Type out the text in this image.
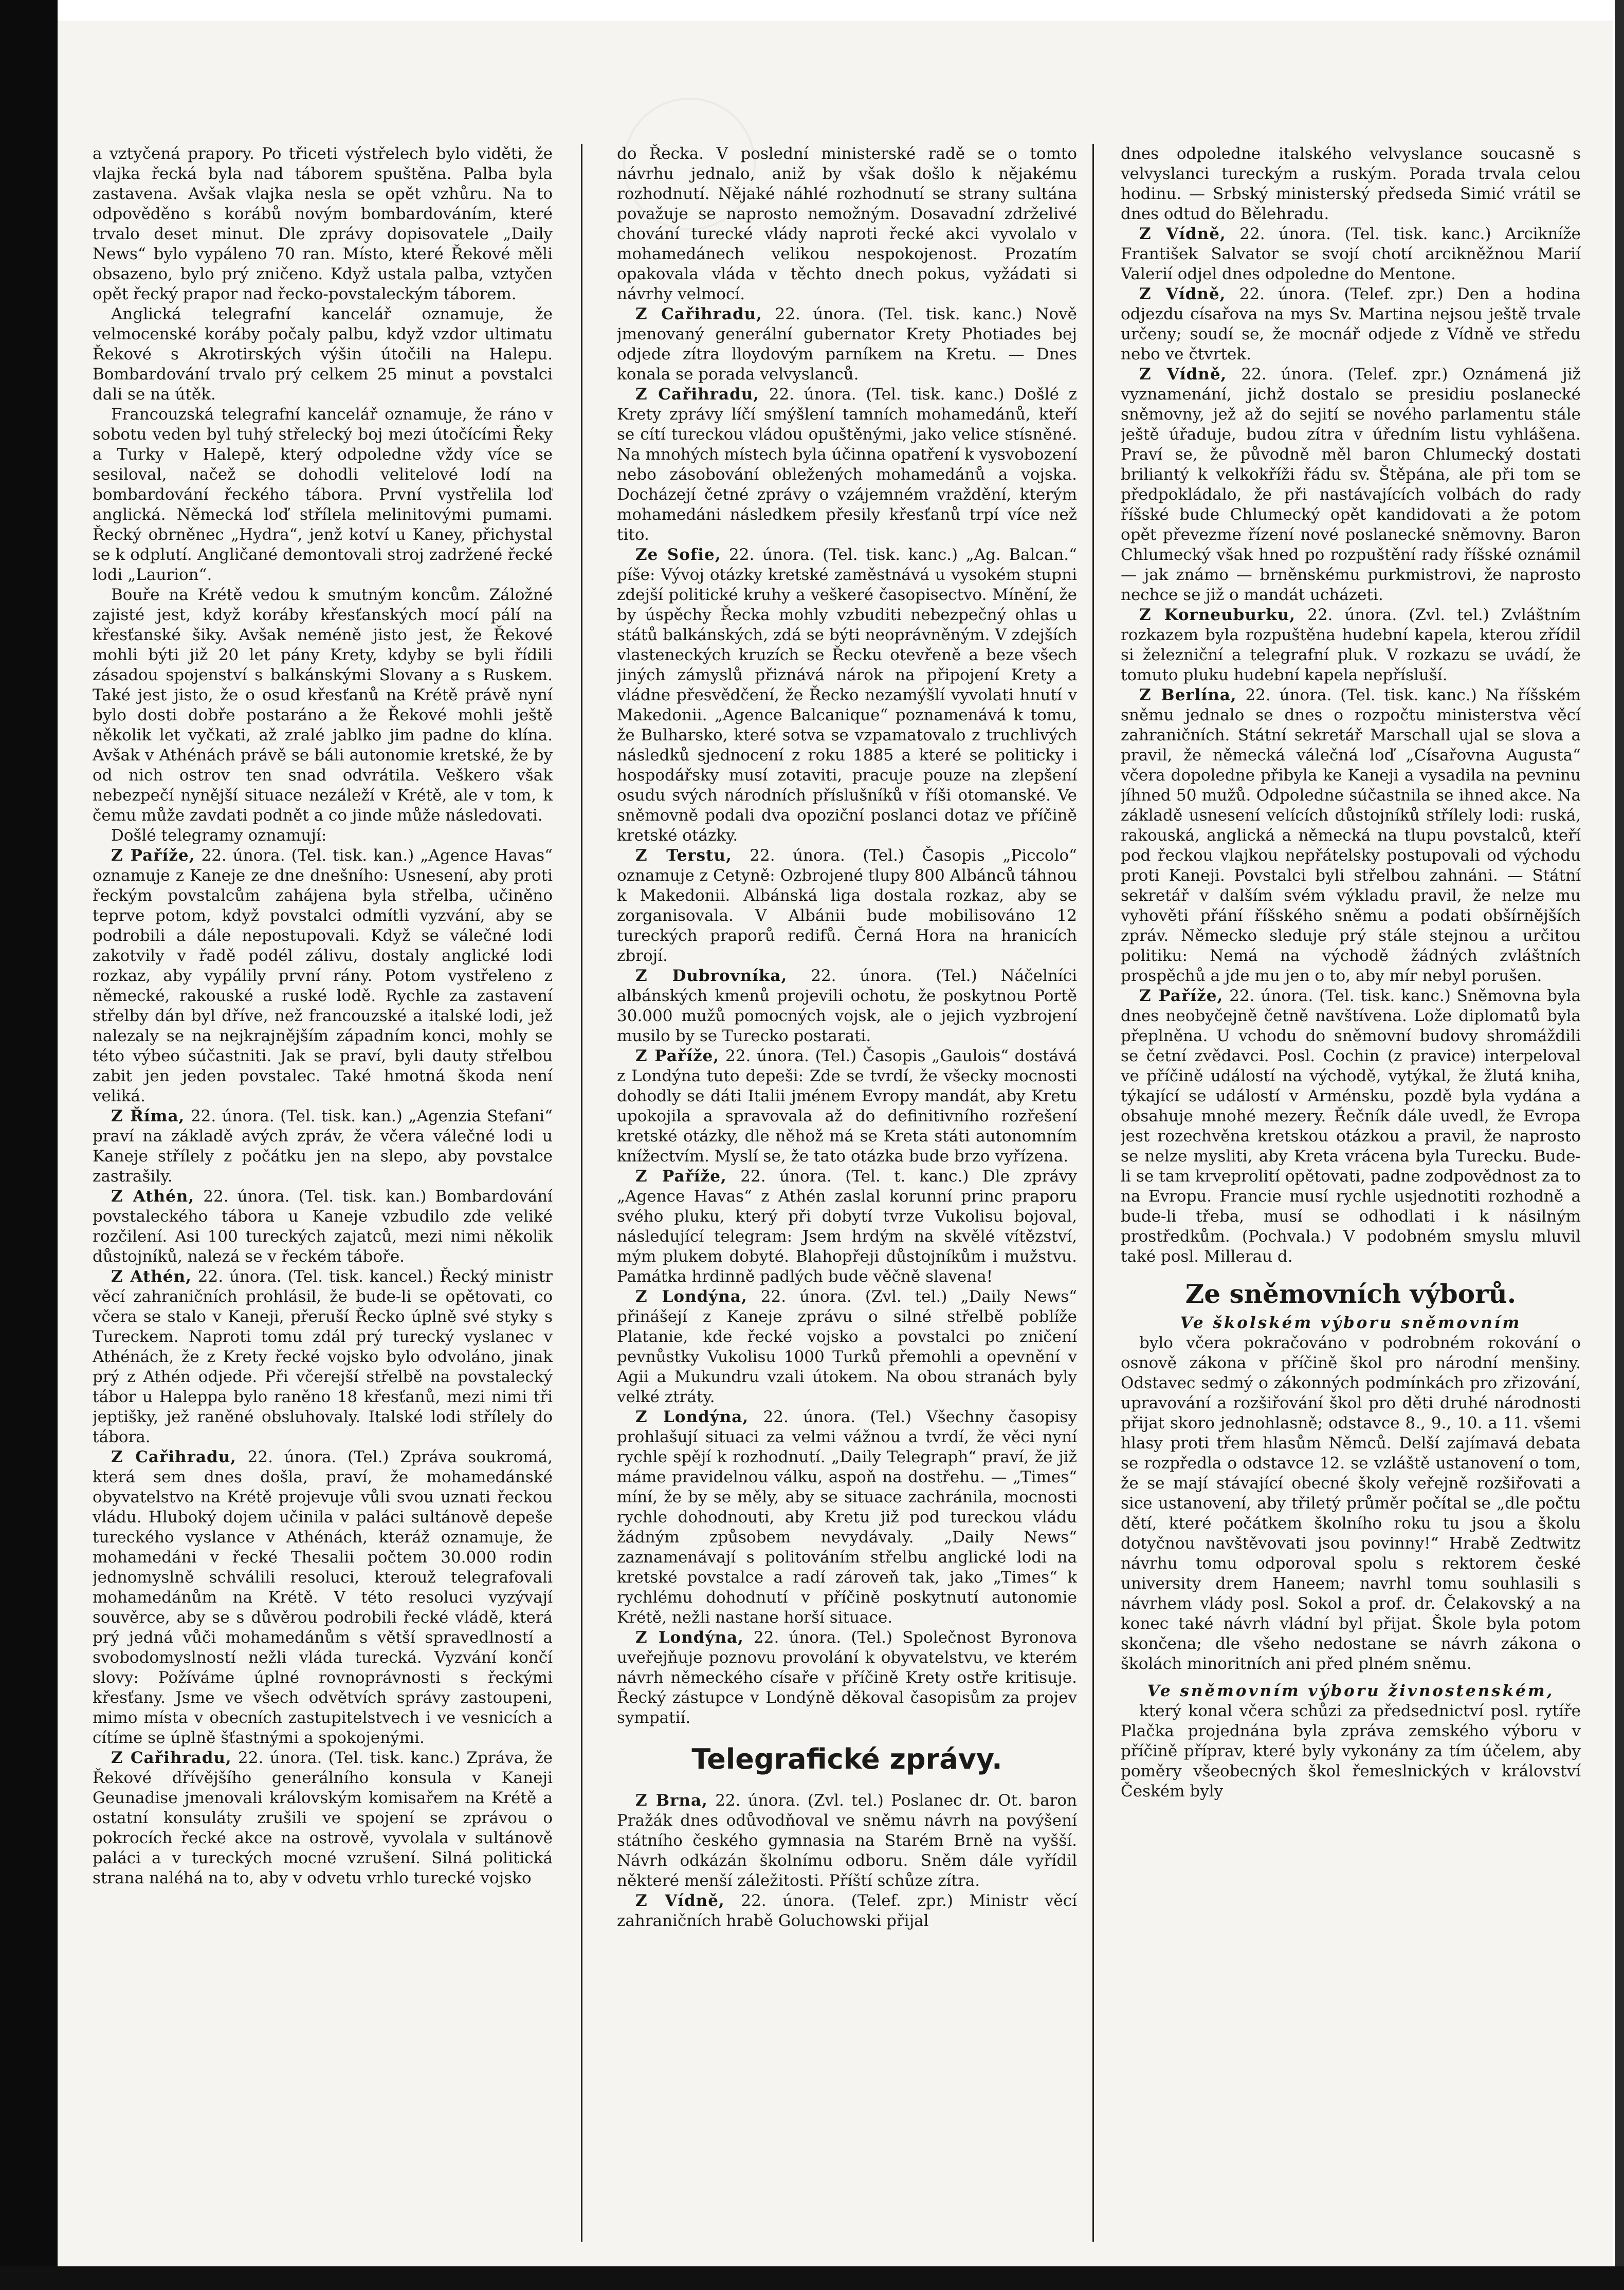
a vztyčená prapory. Po třiceti výstřelech bylo viděti, že vlajka řecká byla nad táborem spuštěna. Palba byla zastavena. Avšak vlajka nesla se opět vzhůru. Na to odpověděno s korábů novým bombardováním, které trvalo deset minut. Dle zprávy dopisovatele „Daily News“ bylo vypáleno 70 ran. Místo, které Řekové měli obsazeno, bylo prý zničeno. Když ustala palba, vztyčen opět řecký prapor nad řecko-povstaleckým táborem.

Anglická telegrafní kancelář oznamuje, že velmocenské koráby počaly palbu, když vzdor ultimatu Řekové s Akrotirských výšin útočili na Halepu. Bombardování trvalo prý celkem 25 minut a povstalci dali se na útěk.

Francouzská telegrafní kancelář oznamuje, že ráno v sobotu veden byl tuhý střelecký boj mezi útočícími Řeky a Turky v Halepě, který odpoledne vždy více se sesiloval, načež se dohodli velitelové lodí na bombardování řeckého tábora. První vystřelila loď anglická. Německá loď střílela melinitovými pumami. Řecký obrněnec „Hydra“, jenž kotví u Kaney, přichystal se k odplutí. Angličané demontovali stroj zadržené řecké lodi „Laurion“.

Bouře na Krétě vedou k smutným koncům. Záložné zajisté jest, když koráby křesťanských mocí pálí na křesťanské šiky. Avšak neméně jisto jest, že Řekové mohli býti již 20 let pány Krety, kdyby se byli řídili zásadou spojenství s balkánskými Slovany a s Ruskem. Také jest jisto, že o osud křesťanů na Krétě právě nyní bylo dosti dobře postaráno a že Řekové mohli ještě několik let vyčkati, až zralé jablko jim padne do klína. Avšak v Athénách právě se báli autonomie kretské, že by od nich ostrov ten snad odvrátila. Veškero však nebezpečí nynější situace nezáleží v Krétě, ale v tom, k čemu může zavdati podnět a co jinde může následovati.

Došlé telegramy oznamují:

Z Paříže, 22. února. (Tel. tisk. kan.) „Agence Havas“ oznamuje z Kaneje ze dne dnešního: Usnesení, aby proti řeckým povstalcům zahájena byla střelba, učiněno teprve potom, když povstalci odmítli vyzvání, aby se podrobili a dále nepostupovali. Když se válečné lodi zakotvily v řadě podél zálivu, dostaly anglické lodi rozkaz, aby vypálily první rány. Potom vystřeleno z německé, rakouské a ruské lodě. Rychle za zastavení střelby dán byl dříve, než francouzské a italské lodi, jež nalezaly se na nejkrajnějším západním konci, mohly se této výbeo súčastniti. Jak se praví, byli dauty střelbou zabit jen jeden povstalec. Také hmotná škoda není veliká.

Z Říma, 22. února. (Tel. tisk. kan.) „Agenzia Stefani“ praví na základě avých zpráv, že včera válečné lodi u Kaneje střílely z počátku jen na slepo, aby povstalce zastrašily.

Z Athén, 22. února. (Tel. tisk. kan.) Bombardování povstaleckého tábora u Kaneje vzbudilo zde veliké rozčilení. Asi 100 tureckých zajatců, mezi nimi několik důstojníků, nalezá se v řeckém táboře.

Z Athén, 22. února. (Tel. tisk. kancel.) Řecký ministr věcí zahraničních prohlásil, že bude-li se opětovati, co včera se stalo v Kaneji, přeruší Řecko úplně své styky s Tureckem. Naproti tomu zdál prý turecký vyslanec v Athénách, že z Krety řecké vojsko bylo odvoláno, jinak prý z Athén odjede. Při včerejší střelbě na povstalecký tábor u Haleppa bylo raněno 18 křesťanů, mezi nimi tři jeptišky, jež raněné obsluhovaly. Italské lodi střílely do tábora.

Z Cařihradu, 22. února. (Tel.) Zpráva soukromá, která sem dnes došla, praví, že mohamedánské obyvatelstvo na Krétě projevuje vůli svou uznati řeckou vládu. Hluboký dojem učinila v paláci sultánově depeše tureckého vyslance v Athénách, kteráž oznamuje, že mohamedáni v řecké Thesalii počtem 30.000 rodin jednomyslně schválili resoluci, kterouž telegrafovali mohamedánům na Krétě. V této resoluci vyzývají souvěrce, aby se s důvěrou podrobili řecké vládě, která prý jedná vůči mohamedánům s větší spravedlností a svobodomyslností nežli vláda turecká. Vyzvání končí slovy: Požíváme úplné rovnoprávnosti s řeckými křesťany. Jsme ve všech odvětvích správy zastoupeni, mimo místa v obecních zastupitelstvech i ve vesnicích a cítíme se úplně šťastnými a spokojenými.

Z Cařihradu, 22. února. (Tel. tisk. kanc.) Zpráva, že Řekové dřívějšího generálního konsula v Kaneji Geunadise jmenovali královským komisařem na Krétě a ostatní konsuláty zrušili ve spojení se zprávou o pokrocích řecké akce na ostrově, vyvolala v sultánově paláci a v tureckých mocné vzrušení. Silná politická strana naléhá na to, aby v odvetu vrhlo turecké vojsko

do Řecka. V poslední ministerské radě se o tomto návrhu jednalo, aniž by však došlo k nějakému rozhodnutí. Nějaké náhlé rozhodnutí se strany sultána považuje se naprosto nemožným. Dosavadní zdrželivé chování turecké vlády naproti řecké akci vyvolalo v mohamedánech velikou nespokojenost. Prozatím opakovala vláda v těchto dnech pokus, vyžádati si návrhy velmocí.

Z Cařihradu, 22. února. (Tel. tisk. kanc.) Nově jmenovaný generální gubernator Krety Photiades bej odjede zítra lloydovým parníkem na Kretu. — Dnes konala se porada velvyslanců.

Z Cařihradu, 22. února. (Tel. tisk. kanc.) Došlé z Krety zprávy líčí smýšlení tamních mohamedánů, kteří se cítí tureckou vládou opuštěnými, jako velice stísněné. Na mnohých místech byla účinna opatření k vysvobození nebo zásobování obležených mohamedánů a vojska. Docházejí četné zprávy o vzájemném vraždění, kterým mohamedáni následkem přesily křesťanů trpí více než tito.

Ze Sofie, 22. února. (Tel. tisk. kanc.) „Ag. Balcan.“ píše: Vývoj otázky kretské zaměstnává u vysokém stupni zdejší politické kruhy a veškeré časopisectvo. Mínění, že by úspěchy Řecka mohly vzbuditi nebezpečný ohlas u států balkánských, zdá se býti neoprávněným. V zdejších vlasteneckých kruzích se Řecku otevřeně a beze všech jiných zámyslů přiznává nárok na připojení Krety a vládne přesvědčení, že Řecko nezamýšlí vyvolati hnutí v Makedonii. „Agence Balcanique“ poznamenává k tomu, že Bulharsko, které sotva se vzpamatovalo z truchlivých následků sjednocení z roku 1885 a které se politicky i hospodářsky musí zotaviti, pracuje pouze na zlepšení osudu svých národních příslušníků v říši otomanské. Ve sněmovně podali dva opoziční poslanci dotaz ve příčině kretské otázky.

Z Terstu, 22. února. (Tel.) Časopis „Piccolo“ oznamuje z Cetyně: Ozbrojené tlupy 800 Albánců táhnou k Makedonii. Albánská liga dostala rozkaz, aby se zorganisovala. V Albánii bude mobilisováno 12 tureckých praporů redifů. Černá Hora na hranicích zbrojí.

Z Dubrovníka, 22. února. (Tel.) Náčelníci albánských kmenů projevili ochotu, že poskytnou Portě 30.000 mužů pomocných vojsk, ale o jejich vyzbrojení musilo by se Turecko postarati.

Z Paříže, 22. února. (Tel.) Časopis „Gaulois“ dostává z Londýna tuto depeši: Zde se tvrdí, že všecky mocnosti dohodly se dáti Italii jménem Evropy mandát, aby Kretu upokojila a spravovala až do definitivního rozřešení kretské otázky, dle něhož má se Kreta státi autonomním knížectvím. Myslí se, že tato otázka bude brzo vyřízena.

Z Paříže, 22. února. (Tel. t. kanc.) Dle zprávy „Agence Havas“ z Athén zaslal korunní princ praporu svého pluku, který při dobytí tvrze Vukolisu bojoval, následující telegram: Jsem hrdým na skvělé vítězství, mým plukem dobyté. Blahopřeji důstojníkům i mužstvu. Památka hrdinně padlých bude věčně slavena!

Z Londýna, 22. února. (Zvl. tel.) „Daily News“ přinášejí z Kaneje zprávu o silné střelbě poblíže Platanie, kde řecké vojsko a povstalci po zničení pevnůstky Vukolisu 1000 Turků přemohli a opevnění v Agii a Mukundru vzali útokem. Na obou stranách byly velké ztráty.

Z Londýna, 22. února. (Tel.) Všechny časopisy prohlašují situaci za velmi vážnou a tvrdí, že věci nyní rychle spějí k rozhodnutí. „Daily Telegraph“ praví, že již máme pravidelnou válku, aspoň na dostřehu. — „Times“ míní, že by se měly, aby se situace zachránila, mocnosti rychle dohodnouti, aby Kretu již pod tureckou vládu žádným způsobem nevydávaly. „Daily News“ zaznamenávají s politováním střelbu anglické lodi na kretské povstalce a radí zároveň tak, jako „Times“ k rychlému dohodnutí v příčině poskytnutí autonomie Krétě, nežli nastane horší situace.

Z Londýna, 22. února. (Tel.) Společnost Byronova uveřejňuje poznovu provolání k obyvatelstvu, ve kterém návrh německého císaře v příčině Krety ostře kritisuje. Řecký zástupce v Londýně děkoval časopisům za projev sympatií.

Telegrafické zprávy.

Z Brna, 22. února. (Zvl. tel.) Poslanec dr. Ot. baron Pražák dnes odůvodňoval ve sněmu návrh na povýšení státního českého gymnasia na Starém Brně na vyšší. Návrh odkázán školnímu odboru. Sněm dále vyřídil některé menší záležitosti. Příští schůze zítra.

Z Vídně, 22. února. (Telef. zpr.) Ministr věcí zahraničních hrabě Goluchowski přijal

dnes odpoledne italského velvyslance soucasně s velvyslanci tureckým a ruským. Porada trvala celou hodinu. — Srbský ministerský předseda Simić vrátil se dnes odtud do Bělehradu.

Z Vídně, 22. února. (Tel. tisk. kanc.) Arcikníže František Salvator se svojí chotí arcikněžnou Marií Valerií odjel dnes odpoledne do Mentone.

Z Vídně, 22. února. (Telef. zpr.) Den a hodina odjezdu císařova na mys Sv. Martina nejsou ještě trvale určeny; soudí se, že mocnář odjede z Vídně ve středu nebo ve čtvrtek.

Z Vídně, 22. února. (Telef. zpr.) Oznámená již vyznamenání, jichž dostalo se presidiu poslanecké sněmovny, jež až do sejití se nového parlamentu stále ještě úřaduje, budou zítra v úředním listu vyhlášena. Praví se, že původně měl baron Chlumecký dostati briliantý k velkokříži řádu sv. Štěpána, ale při tom se předpokládalo, že při nastávajících volbách do rady říšské bude Chlumecký opět kandidovati a že potom opět převezme řízení nové poslanecké sněmovny. Baron Chlumecký však hned po rozpuštění rady říšské oznámil — jak známo — brněnskému purkmistrovi, že naprosto nechce se již o mandát ucházeti.

Z Korneuburku, 22. února. (Zvl. tel.) Zvláštním rozkazem byla rozpuštěna hudební kapela, kterou zřídil si železniční a telegrafní pluk. V rozkazu se uvádí, že tomuto pluku hudební kapela nepřísluší.

Z Berlína, 22. února. (Tel. tisk. kanc.) Na říšském sněmu jednalo se dnes o rozpočtu ministerstva věcí zahraničních. Státní sekretář Marschall ujal se slova a pravil, že německá válečná loď „Císařovna Augusta“ včera dopoledne přibyla ke Kaneji a vysadila na pevninu jíhned 50 mužů. Odpoledne súčastnila se ihned akce. Na základě usnesení velících důstojníků střílely lodi: ruská, rakouská, anglická a německá na tlupu povstalců, kteří pod řeckou vlajkou nepřátelsky postupovali od východu proti Kaneji. Povstalci byli střelbou zahnáni. — Státní sekretář v dalším svém výkladu pravil, že nelze mu vyhověti přání říšského sněmu a podati obšírnějších zpráv. Německo sleduje prý stále stejnou a určitou politiku: Nemá na východě žádných zvláštních prospěchů a jde mu jen o to, aby mír nebyl porušen.

Z Paříže, 22. února. (Tel. tisk. kanc.) Sněmovna byla dnes neobyčejně četně navštívena. Lože diplomatů byla přeplněna. U vchodu do sněmovní budovy shromáždili se četní zvědavci. Posl. Cochin (z pravice) interpeloval ve příčině událostí na východě, vytýkal, že žlutá kniha, týkající se událostí v Arménsku, pozdě byla vydána a obsahuje mnohé mezery. Řečník dále uvedl, že Evropa jest rozechvěna kretskou otázkou a pravil, že naprosto se nelze mysliti, aby Kreta vrácena byla Turecku. Bude-li se tam krveprolití opětovati, padne zodpovědnost za to na Evropu. Francie musí rychle usjednotiti rozhodně a bude-li třeba, musí se odhodlati i k násilným prostředkům. (Pochvala.) V podobném smyslu mluvil také posl. Millerau d.

Ze sněmovních výborů.
Ve školském výboru sněmovním

bylo včera pokračováno v podrobném rokování o osnově zákona v příčině škol pro národní menšiny. Odstavec sedmý o zákonných podmínkách pro zřizování, upravování a rozšiřování škol pro děti druhé národnosti přijat skoro jednohlasně; odstavce 8., 9., 10. a 11. všemi hlasy proti třem hlasům Němců. Delší zajímavá debata se rozpředla o odstavce 12. se vzláště ustanovení o tom, že se mají stávající obecné školy veřejně rozšiřovati a sice ustanovení, aby třiletý průměr počítal se „dle počtu dětí, které počátkem školního roku tu jsou a školu dotyčnou navštěvovati jsou povinny!“ Hrabě Zedtwitz návrhu tomu odporoval spolu s rektorem české university drem Haneem; navrhl tomu souhlasili s návrhem vlády posl. Sokol a prof. dr. Čelakovský a na konec také návrh vládní byl přijat. Škole byla potom skončena; dle všeho nedostane se návrh zákona o školách minoritních ani před plném sněmu.

Ve sněmovním výboru živnostenském,

který konal včera schůzi za předsednictví posl. rytíře Plačka projednána byla zpráva zemského výboru v příčině příprav, které byly vykonány za tím účelem, aby poměry všeobecných škol řemeslnických v království Českém byly
